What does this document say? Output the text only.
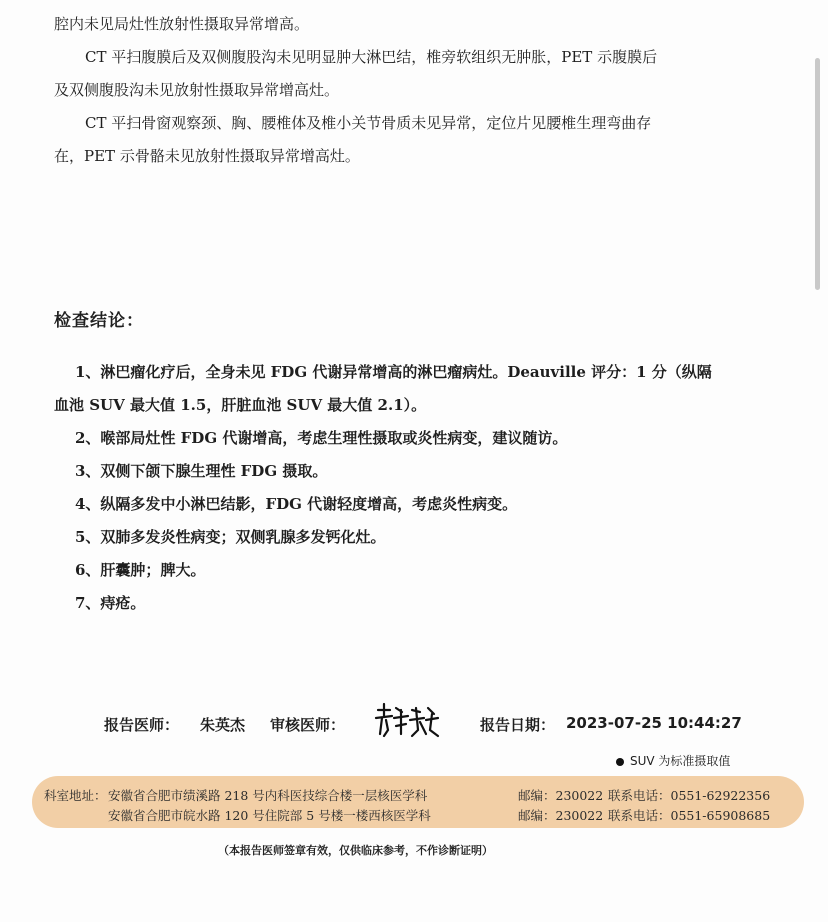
腔内未见局灶性放射性摄取异常增高。

CT 平扫腹膜后及双侧腹股沟未见明显肿大淋巴结，椎旁软组织无肿胀，PET 示腹膜后

及双侧腹股沟未见放射性摄取异常增高灶。

CT 平扫骨窗观察颈、胸、腰椎体及椎小关节骨质未见异常，定位片见腰椎生理弯曲存

在，PET 示骨骼未见放射性摄取异常增高灶。

检查结论：

1、淋巴瘤化疗后，全身未见 FDG 代谢异常增高的淋巴瘤病灶。Deauville 评分：1 分（纵隔

血池 SUV 最大值 1.5，肝脏血池 SUV 最大值 2.1）。

2、喉部局灶性 FDG 代谢增高，考虑生理性摄取或炎性病变，建议随访。

3、双侧下颌下腺生理性 FDG 摄取。

4、纵隔多发中小淋巴结影，FDG 代谢轻度增高，考虑炎性病变。

5、双肺多发炎性病变；双侧乳腺多发钙化灶。

6、肝囊肿；脾大。

7、痔疮。

报告医师： 朱英杰 审核医师：	报告日期： 2023-07-25 10:44:27
SUV 为标准摄取值
科室地址： 安徽省合肥市绩溪路 218 号内科医技综合楼一层核医学科
安徽省合肥市皖水路 120 号住院部 5 号楼一楼西核医学科
邮编：230022
邮编：230022
联系电话：0551-62922356
联系电话：0551-65908685
（本报告医师签章有效，仅供临床参考，不作诊断证明）
